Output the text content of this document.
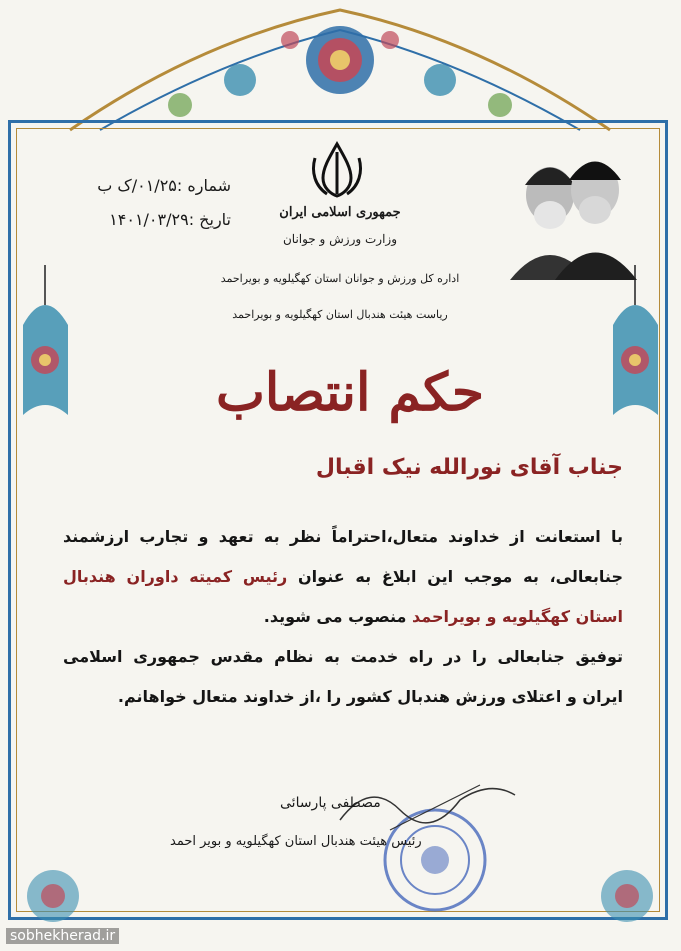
شماره :۰۱/۲۵/ک ب
تاریخ :۱۴۰۱/۰۳/۲۹	جمهوری اسلامی ایران
وزارت ورزش و جوانان
اداره کل ورزش و جوانان استان کهگیلویه و بویراحمد
ریاست هیئت هندبال استان کهگیلویه و بویراحمد
حکم انتصاب
جناب آقای نورالله نیک اقبال
با استعانت از خداوند متعال،احتراماً نظر به تعهد و تجارب ارزشمند
جنابعالی، به موجب این ابلاغ به عنوان رئیس کمیته داوران هندبال
استان کهگیلویه و بویراحمد منصوب می شوید.
توفیق جنابعالی را در راه خدمت به نظام مقدس جمهوری اسلامی
ایران و اعتلای ورزش هندبال کشور را ،از خداوند متعال خواهانم.
مصطفی پارسائی
رئیس هیئت هندبال استان کهگیلویه و بویر احمد
sobhekherad.ir
